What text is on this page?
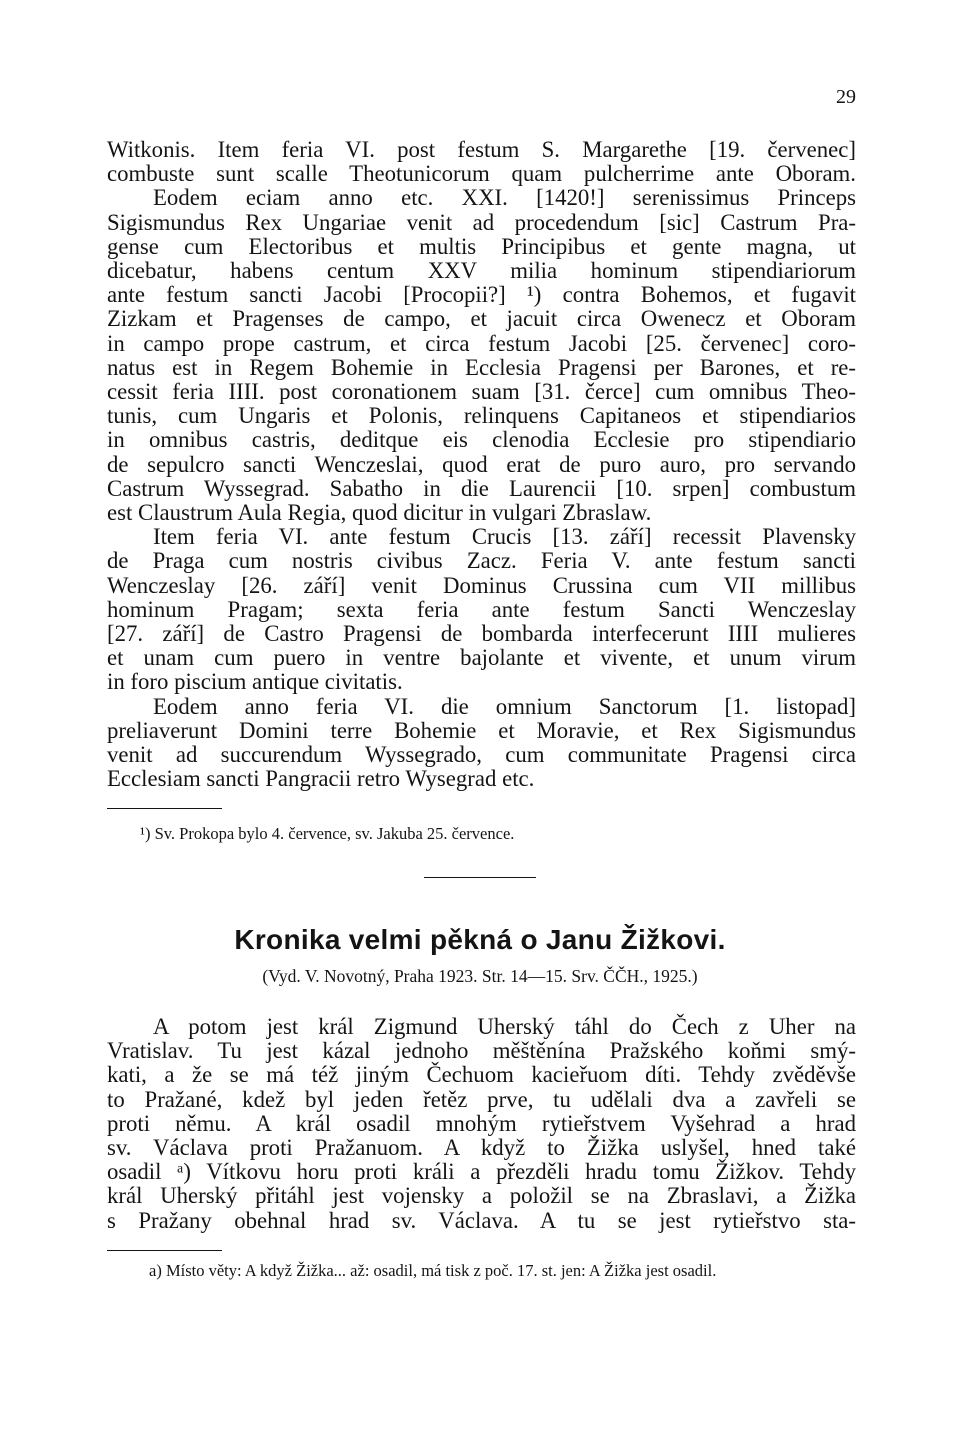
29
Witkonis. Item feria VI. post festum S. Margarethe [19. červenec]
combuste sunt scalle Theotunicorum quam pulcherrime ante Oboram.
Eodem eciam anno etc. XXI. [1420!] serenissimus Princeps
Sigismundus Rex Ungariae venit ad procedendum [sic] Castrum Pra-
gense cum Electoribus et multis Principibus et gente magna, ut
dicebatur, habens centum XXV milia hominum stipendiariorum
ante festum sancti Jacobi [Procopii?] ¹) contra Bohemos, et fugavit
Zizkam et Pragenses de campo, et jacuit circa Owenecz et Oboram
in campo prope castrum, et circa festum Jacobi [25. červenec] coro-
natus est in Regem Bohemie in Ecclesia Pragensi per Barones, et re-
cessit feria IIII. post coronationem suam [31. čerce] cum omnibus Theo-
tunis, cum Ungaris et Polonis, relinquens Capitaneos et stipendiarios
in omnibus castris, deditque eis clenodia Ecclesie pro stipendiario
de sepulcro sancti Wenczeslai, quod erat de puro auro, pro servando
Castrum Wyssegrad. Sabatho in die Laurencii [10. srpen] combustum
est Claustrum Aula Regia, quod dicitur in vulgari Zbraslaw.
Item feria VI. ante festum Crucis [13. září] recessit Plavensky
de Praga cum nostris civibus Zacz. Feria V. ante festum sancti
Wenczeslay [26. září] venit Dominus Crussina cum VII millibus
hominum Pragam; sexta feria ante festum Sancti Wenczeslay
[27. září] de Castro Pragensi de bombarda interfecerunt IIII mulieres
et unam cum puero in ventre bajolante et vivente, et unum virum
in foro piscium antique civitatis.
Eodem anno feria VI. die omnium Sanctorum [1. listopad]
preliaverunt Domini terre Bohemie et Moravie, et Rex Sigismundus
venit ad succurendum Wyssegrado, cum communitate Pragensi circa
Ecclesiam sancti Pangracii retro Wysegrad etc.
¹) Sv. Prokopa bylo 4. července, sv. Jakuba 25. července.
Kronika velmi pěkná o Janu Žižkovi.
(Vyd. V. Novotný, Praha 1923. Str. 14—15. Srv. ČČH., 1925.)
A potom jest král Zigmund Uherský táhl do Čech z Uher na
Vratislav. Tu jest kázal jednoho měštěnína Pražského koňmi smý-
kati, a že se má též jiným Čechuom kacieřuom díti. Tehdy zvěděvše
to Pražané, kdež byl jeden řetěz prve, tu udělali dva a zavřeli se
proti němu. A král osadil mnohým rytieřstvem Vyšehrad a hrad
sv. Václava proti Pražanuom. A když to Žižka uslyšel, hned také
osadil ᵃ) Vítkovu horu proti králi a přezděli hradu tomu Žižkov. Tehdy
král Uherský přitáhl jest vojensky a položil se na Zbraslavi, a Žižka
s Pražany obehnal hrad sv. Václava. A tu se jest rytieřstvo sta-
a) Místo věty: A když Žižka... až: osadil, má tisk z poč. 17. st. jen: A Žižka jest osadil.
